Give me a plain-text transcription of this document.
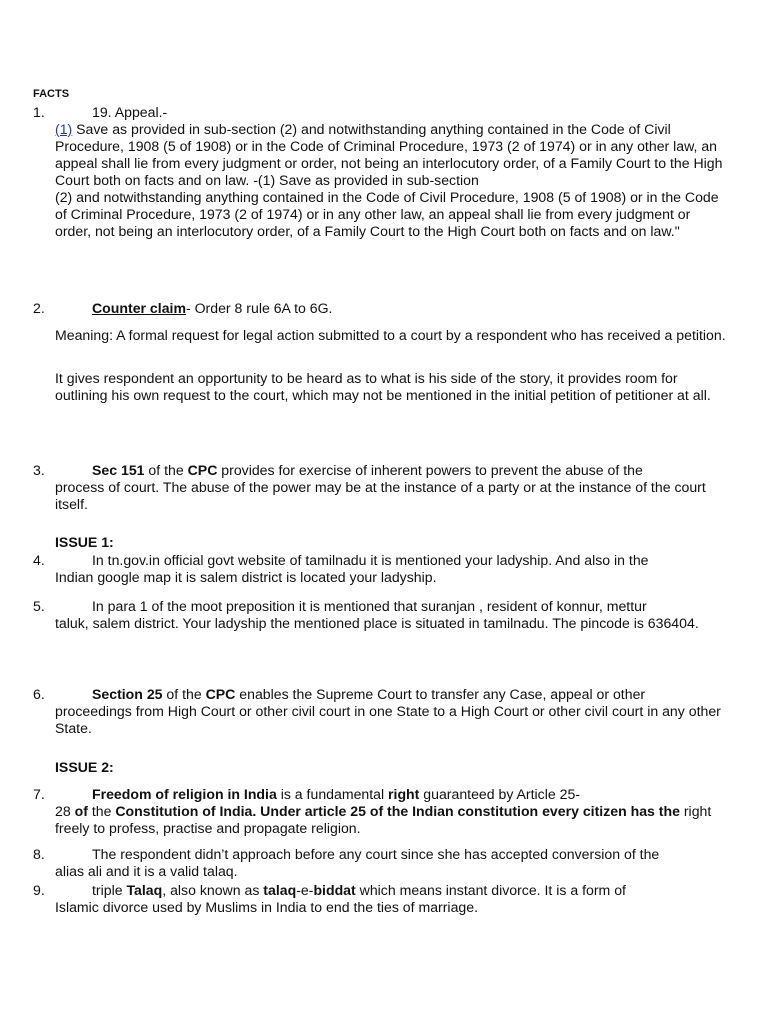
FACTS
1.	19. Appeal.-
(1) Save as provided in sub-section (2) and notwithstanding anything contained in the Code of Civil Procedure, 1908 (5 of 1908) or in the Code of Criminal Procedure, 1973 (2 of 1974) or in any other law, an appeal shall lie from every judgment or order, not being an interlocutory order, of a Family Court to the High Court both on facts and on law. -(1) Save as provided in sub-section
(2) and notwithstanding anything contained in the Code of Civil Procedure, 1908 (5 of 1908) or in the Code of Criminal Procedure, 1973 (2 of 1974) or in any other law, an appeal shall lie from every judgment or order, not being an interlocutory order, of a Family Court to the High Court both on facts and on law."
2.	Counter claim- Order 8 rule 6A to 6G.
Meaning: A formal request for legal action submitted to a court by a respondent who has received a petition.
It gives respondent an opportunity to be heard as to what is his side of the story, it provides room for outlining his own request to the court, which may not be mentioned in the initial petition of petitioner at all.
3.	Sec 151 of the CPC provides for exercise of inherent powers to prevent the abuse of the
process of court. The abuse of the power may be at the instance of a party or at the instance of the court itself.
ISSUE 1:
4.	In tn.gov.in official govt website of tamilnadu it is mentioned your ladyship. And also in the
Indian google map it is salem district is located your ladyship.
5.	In para 1 of the moot preposition it is mentioned that suranjan , resident of konnur, mettur
taluk, salem district. Your ladyship the mentioned place is situated in tamilnadu. The pincode is 636404.
6.	Section 25 of the CPC enables the Supreme Court to transfer any Case, appeal or other
proceedings from High Court or other civil court in one State to a High Court or other civil court in any other State.
ISSUE 2:
7.	Freedom of religion in India is a fundamental right guaranteed by Article 25-
28 of the Constitution of India. Under article 25 of the Indian constitution every citizen has the right freely to profess, practise and propagate religion.
8.	The respondent didn’t approach before any court since she has accepted conversion of the
alias ali and it is a valid talaq.
9.	triple Talaq, also known as talaq-e-biddat which means instant divorce. It is a form of
Islamic divorce used by Muslims in India to end the ties of marriage.
